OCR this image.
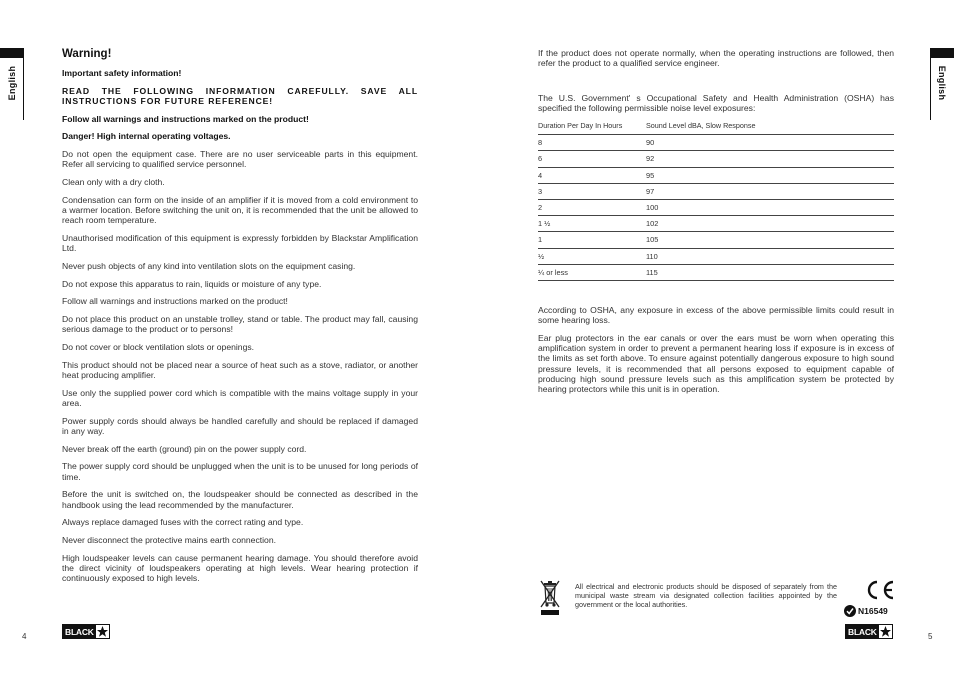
English	English
Warning!

Important safety information!

READ THE FOLLOWING INFORMATION CAREFULLY. SAVE ALL INSTRUCTIONS FOR FUTURE REFERENCE!

Follow all warnings and instructions marked on the product!

Danger! High internal operating voltages.

Do not open the equipment case. There are no user serviceable parts in this equipment. Refer all servicing to qualified service personnel.

Clean only with a dry cloth.

Condensation can form on the inside of an amplifier if it is moved from a cold environment to a warmer location. Before switching the unit on, it is recommended that the unit be allowed to reach room temperature.

Unauthorised modification of this equipment is expressly forbidden by Blackstar Amplification Ltd.

Never push objects of any kind into ventilation slots on the equipment casing.

Do not expose this apparatus to rain, liquids or moisture of any type.

Follow all warnings and instructions marked on the product!

Do not place this product on an unstable trolley, stand or table. The product may fall, causing serious damage to the product or to persons!

Do not cover or block ventilation slots or openings.

This product should not be placed near a source of heat such as a stove, radiator, or another heat producing amplifier.

Use only the supplied power cord which is compatible with the mains voltage supply in your area.

Power supply cords should always be handled carefully and should be replaced if damaged in any way.

Never break off the earth (ground) pin on the power supply cord.

The power supply cord should be unplugged when the unit is to be unused for long periods of time.

Before the unit is switched on, the loudspeaker should be connected as described in the handbook using the lead recommended by the manufacturer.

Always replace damaged fuses with the correct rating and type.

Never disconnect the protective mains earth connection.

High loudspeaker levels can cause permanent hearing damage. You should therefore avoid the direct vicinity of loudspeakers operating at high levels. Wear hearing protection if continuously exposed to high levels.

If the product does not operate normally, when the operating instructions are followed, then refer the product to a qualified service engineer.

The U.S. Government' s Occupational Safety and Health Administration (OSHA) has specified the following permissible noise level exposures:

Duration Per Day In Hours	Sound Level dBA, Slow Response
8	90
6	92
4	95
3	97
2	100
1 ½	102
1	105
½	110
¼ or less	115

According to OSHA, any exposure in excess of the above permissible limits could result in some hearing loss.

Ear plug protectors in the ear canals or over the ears must be worn when operating this amplification system in order to prevent a permanent hearing loss if exposure is in excess of the limits as set forth above. To ensure against potentially dangerous exposure to high sound pressure levels, it is recommended that all persons exposed to equipment capable of producing high sound pressure levels such as this amplification system be protected by hearing protectors while this unit is in operation.

All electrical and electronic products should be disposed of separately from the municipal waste stream via designated collection facilities appointed by the government or the local authorities.

N16549
4	BLACK	BLACK	5
